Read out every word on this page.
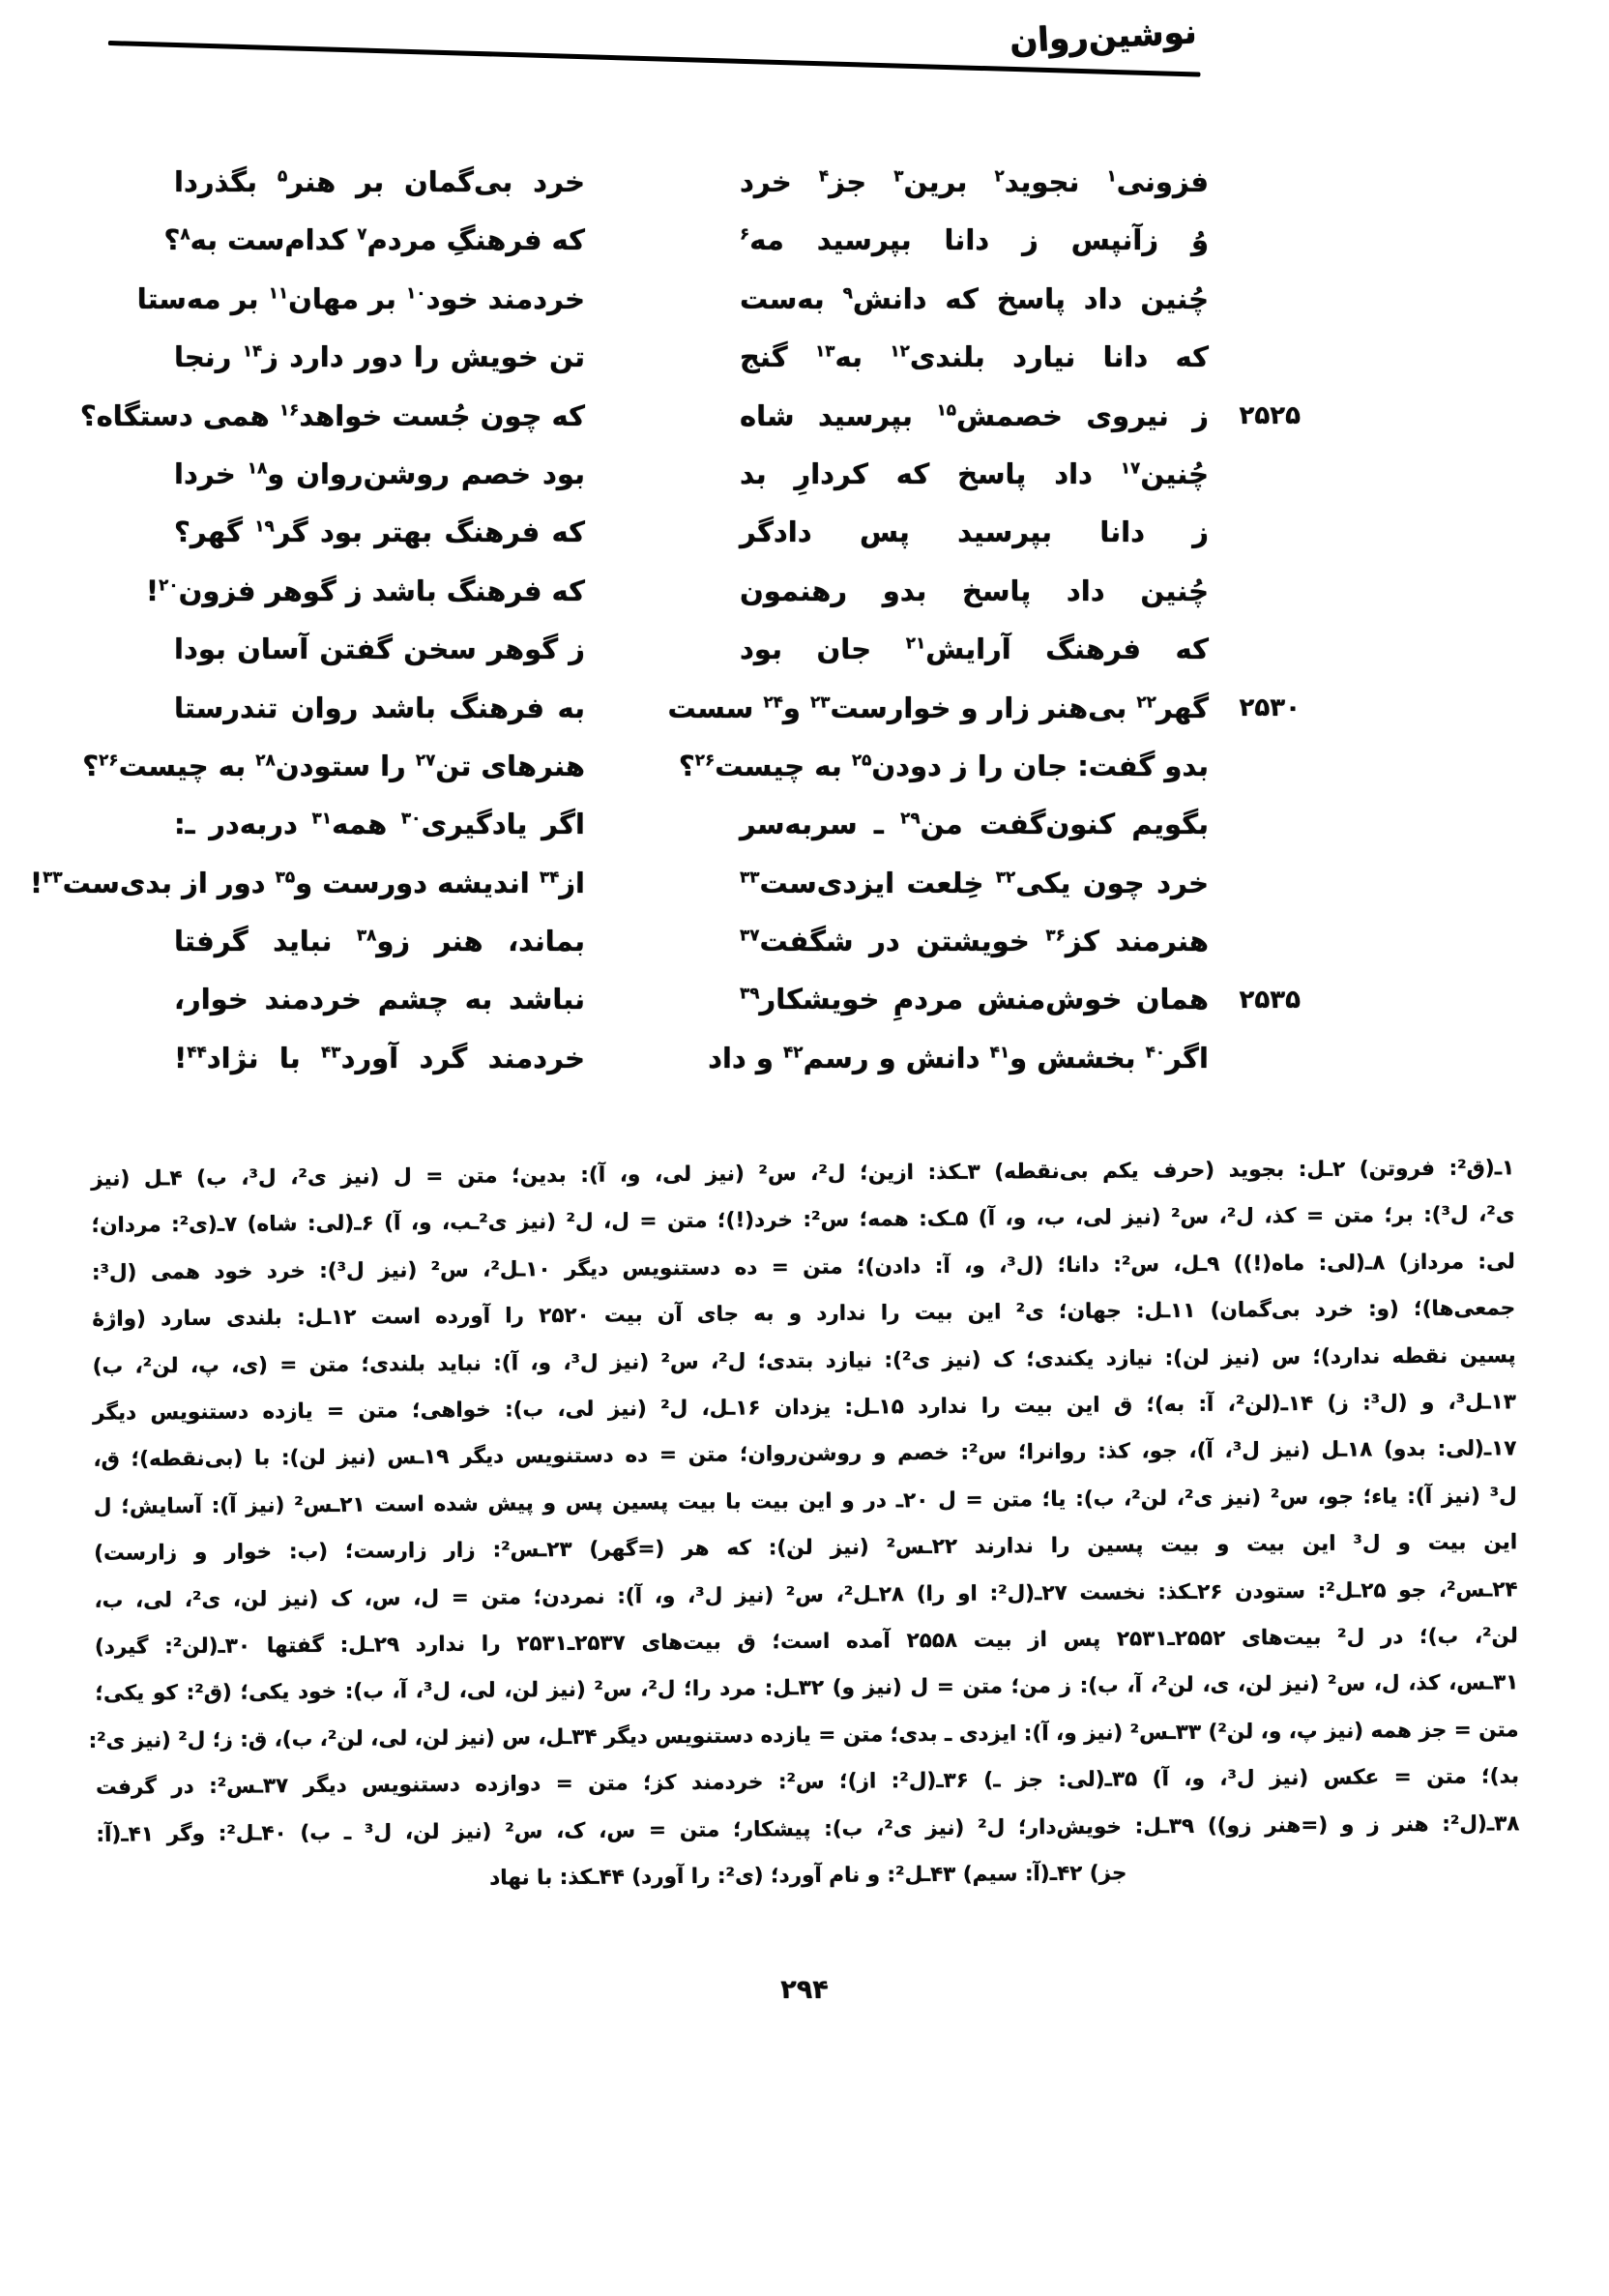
نوشین‌روان
فزونی$^۱$ نجوید$^۲$ برین$^۳$ جز$^۴$ خرد
خرد بی‌گمان بر هنر$^۵$ بگذردا
وُ زآنپس ز دانا بپرسید مه$^۶$
که فرهنگِ مردم$^۷$ کدام‌ست به$^۸$؟
چُنین داد پاسخ که دانش$^۹$ به‌ست
خردمند خود$^{۱۰}$ بر مهان$^{۱۱}$ بر مه‌ستا
که دانا نیارد بلندی$^{۱۲}$ به$^{۱۳}$ گنج
تن خویش را دور دارد ز$^{۱۴}$ رنجا
۲۵۲۵
ز نیروی خصمش$^{۱۵}$ بپرسید شاه
که چون جُست خواهد$^{۱۶}$ همی دستگاه؟
چُنین$^{۱۷}$ داد پاسخ که کردارِ بد
بود خصم روشن‌روان و$^{۱۸}$ خردا
ز دانا بپرسید پس دادگر
که فرهنگ بهتر بود گر$^{۱۹}$ گهر؟
چُنین داد پاسخ بدو رهنمون
که فرهنگ باشد ز گوهر فزون$^{۲۰}$!
که فرهنگ آرایش$^{۲۱}$ جان بود
ز گوهر سخن گفتن آسان بودا
۲۵۳۰
گهر$^{۲۲}$ بی‌هنر زار و خوارست$^{۲۳}$ و$^{۲۴}$ سست
به فرهنگ باشد روان تندرستا
بدو گفت: جان را ز دودن$^{۲۵}$ به چیست$^{۲۶}$؟
هنرهای تن$^{۲۷}$ را ستودن$^{۲۸}$ به چیست$^{۲۶}$؟
بگویم کنون‌گفت من$^{۲۹}$ ـ سربه‌سر
اگر یادگیری$^{۳۰}$ همه$^{۳۱}$ دربه‌در ـ:
خرد چون یکی$^{۳۲}$ خِلعت ایزدی‌ست$^{۳۳}$
از$^{۳۴}$ اندیشه دورست و$^{۳۵}$ دور از بدی‌ست$^{۳۳}$!
هنرمند کز$^{۳۶}$ خویشتن در شگفت$^{۳۷}$
بماند، هنر زو$^{۳۸}$ نباید گرفتا
۲۵۳۵
همان خوش‌منش مردمِ خویشکار$^{۳۹}$
نباشد به چشم خردمند خوار،
اگر$^{۴۰}$ بخشش و$^{۴۱}$ دانش و رسم$^{۴۲}$ و داد
خردمند گرد آورد$^{۴۳}$ با نژاد$^{۴۴}$!
۱ـ(ق²: فروتن) ۲ـل: بجوید (حرف یکم بی‌نقطه) ۳ـکذ: ازین؛ ل²، س² (نیز لی، و، آ): بدین؛ متن = ل (نیز ی²، ل³، ب) ۴ـل (نیز
ی²، ل³): بر؛ متن = کذ، ل²، س² (نیز لی، ب، و، آ) ۵ـک: همه؛ س²: خرد(!)؛ متن = ل، ل² (نیز ی²ـب، و، آ) ۶ـ(لی: شاه) ۷ـ(ی²: مردان؛
لی: مرداز) ۸ـ(لی: ماه(!)) ۹ـل، س²: دانا؛ (ل³، و، آ: دادن)؛ متن = ده دستنویس دیگر ۱۰ـل²، س² (نیز ل³): خرد خود همی (ل³:
جمعی‌ها)؛ (و: خرد بی‌گمان) ۱۱ـل: جهان؛ ی² این بیت را ندارد و به جای آن بیت ۲۵۲۰ را آورده است ۱۲ـل: بلندی سارد (واژهٔ
پسین نقطه ندارد)؛ س (نیز لن): نیازد یکندی؛ ک (نیز ی²): نیازد بتدی؛ ل²، س² (نیز ل³، و، آ): نباید بلندی؛ متن = (ی، پ، لن²، ب)
۱۳ـل³، و (ل³: ز) ۱۴ـ(لن²، آ: به)؛ ق این بیت را ندارد ۱۵ـل: یزدان ۱۶ـل، ل² (نیز لی، ب): خواهی؛ متن = یازده دستنویس دیگر
۱۷ـ(لی: بدو) ۱۸ـل (نیز ل³، آ)، جو، کذ: روانرا؛ س²: خصم و روشن‌روان؛ متن = ده دستنویس دیگر ۱۹ـس (نیز لن): با (بی‌نقطه)؛ ق،
ل³ (نیز آ): یاء؛ جو، س² (نیز ی²، لن²، ب): یا؛ متن = ل ۲۰ـ در و این بیت با بیت پسین پس و پیش شده است ۲۱ـس² (نیز آ): آسایش؛ ل
این بیت و ل³ این بیت و بیت پسین را ندارند ۲۲ـس² (نیز لن): که هر (=گهر) ۲۳ـس²: زار زارست؛ (ب: خوار و زارست)
۲۴ـس²، جو ۲۵ـل²: ستودن ۲۶ـکذ: نخست ۲۷ـ(ل²: او را) ۲۸ـل²، س² (نیز ل³، و، آ): نمردن؛ متن = ل، س، ک (نیز لن، ی²، لی، ب،
لن²، ب)؛ در ل² بیت‌های ۲۵۵۲ـ۲۵۳۱ پس از بیت ۲۵۵۸ آمده است؛ ق بیت‌های ۲۵۳۷ـ۲۵۳۱ را ندارد ۲۹ـل: گفتها ۳۰ـ(لن²: گیرد)
۳۱ـس، کذ، ل، س² (نیز لن، ی، لن²، آ، ب): ز من؛ متن = ل (نیز و) ۳۲ـل: مرد را؛ ل²، س² (نیز لن، لی، ل³، آ، ب): خود یکی؛ (ق²: کو یکی؛
متن = جز همه (نیز پ، و، لن²) ۳۳ـس² (نیز و، آ): ایزدی ـ بدی؛ متن = یازده دستنویس دیگر ۳۴ـل، س (نیز لن، لی، لن²، ب)، ق: ز؛ ل² (نیز ی²:
بد)؛ متن = عکس (نیز ل³، و، آ) ۳۵ـ(لی: جز ـ) ۳۶ـ(ل²: از)؛ س²: خردمند کز؛ متن = دوازده دستنویس دیگر ۳۷ـس²: در گرفت
۳۸ـ(ل²: هنر ز و (=هنر زو)) ۳۹ـل: خویش‌دار؛ ل² (نیز ی²، ب): پیشکار؛ متن = س، ک، س² (نیز لن، ل³ ـ ب) ۴۰ـل²: وگر ۴۱ـ(آ:
جز) ۴۲ـ(آ: سیم) ۴۳ـل²: و نام آورد؛ (ی²: را آورد) ۴۴ـکذ: با نهاد
۲۹۴
